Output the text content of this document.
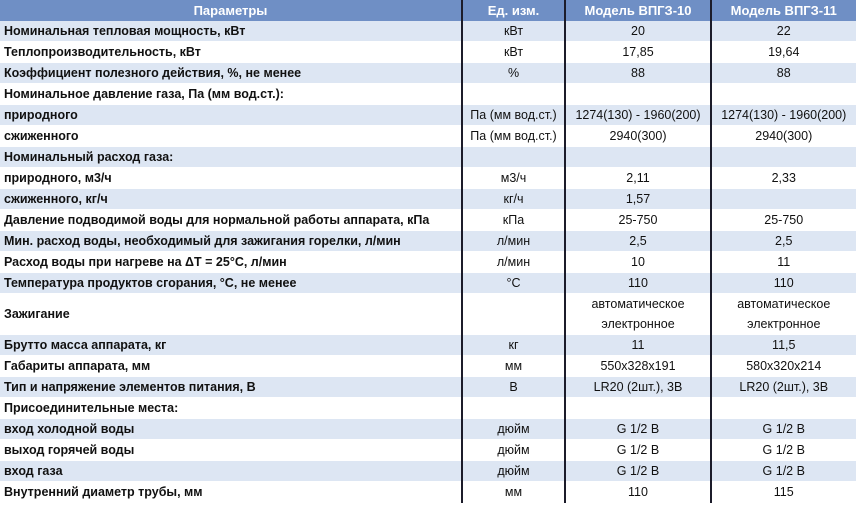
Параметры	Ед. изм.	Модель ВПГЗ-10	Модель ВПГЗ-11
Номинальная тепловая мощность, кВт	кВт	20	22
Теплопроизводительность, кВт	кВт	17,85	19,64
Коэффициент полезного действия, %, не менее	%	88	88
Номинальное давление газа, Па (мм вод.ст.):			
природного	Па (мм вод.ст.)	1274(130) - 1960(200)	1274(130) - 1960(200)
сжиженного	Па (мм вод.ст.)	2940(300)	2940(300)
Номинальный расход газа:			
природного, м3/ч	м3/ч	2,11	2,33
сжиженного, кг/ч	кг/ч	1,57	
Давление подводимой воды для нормальной работы аппарата, кПа	кПа	25-750	25-750
Мин. расход воды, необходимый для зажигания горелки, л/мин	л/мин	2,5	2,5
Расход воды при нагреве на ΔТ = 25°С, л/мин	л/мин	10	11
Температура продуктов сгорания, °С, не менее	°С	110	110
Зажигание		автоматическое электронное	автоматическое электронное
Брутто масса аппарата, кг	кг	11	11,5
Габариты аппарата, мм	мм	550х328х191	580х320х214
Тип и напряжение элементов питания, В	В	LR20 (2шт.), 3В	LR20 (2шт.), 3В
Присоединительные места:			
вход холодной воды	дюйм	G 1/2 В	G 1/2 В
выход горячей воды	дюйм	G 1/2 В	G 1/2 В
вход газа	дюйм	G 1/2 В	G 1/2 В
Внутренний диаметр трубы, мм	мм	110	115
